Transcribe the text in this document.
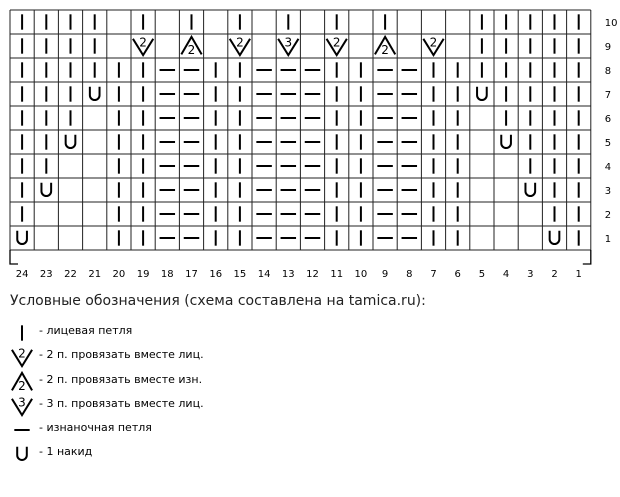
2
2
2	3	2
2
2
10
9
8
7
6
5
4
3
2
1
24 23 22 21 20 19 18 17 16 15 14 13 12 11 10 9 8 7 6 5 4 3 2 1
Условные обозначения (схема составлена на tamica.ru):
- лицевая петля
2 - 2 п. провязать вместе лиц.
2 - 2 п. провязать вместе изн.
3 - 3 п. провязать вместе лиц.
- изнаночная петля
- 1 накид
